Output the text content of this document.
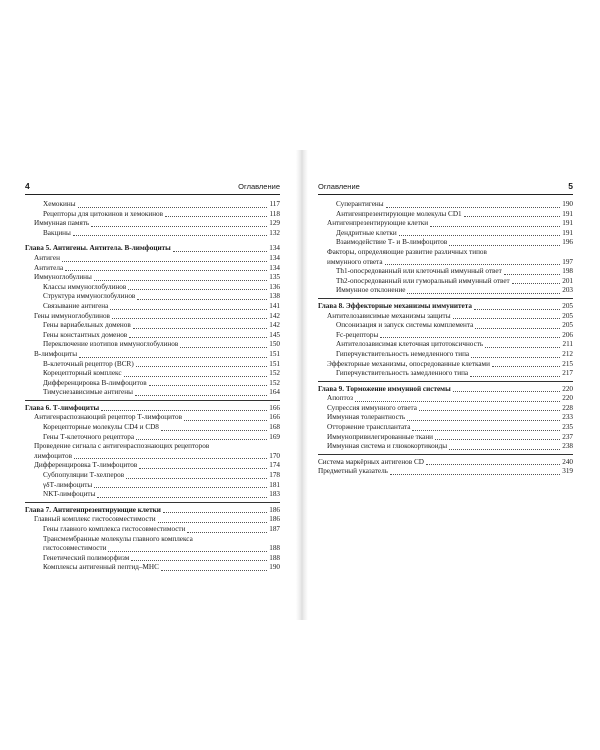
4	Оглавление
Хемокины	117
Рецепторы для цитокинов и хемокинов	118
Иммунная память	129
Вакцины	132
Глава 5. Антигены. Антитела. В-лимфоциты	134
Антиген	134
Антитела	134
Иммуноглобулины	135
Классы иммуноглобулинов	136
Структура иммуноглобулинов	138
Связывание антигена	141
Гены иммуноглобулинов	142
Гены вариабельных доменов	142
Гены константных доменов	145
Переключение изотипов иммуноглобулинов	150
В-лимфоциты	151
В-клеточный рецептор (BCR)	151
Корецепторный комплекс	152
Дифференцировка В-лимфоцитов	152
Тимуснезависимые антигены	164
Глава 6. Т-лимфоциты	166
Антигенраспознающий рецептор Т-лимфоцитов	166
Корецепторные молекулы CD4 и CD8	168
Гены Т-клеточного рецептора	169
Проведение сигнала с антигенраспознающих рецепторов
лимфоцитов	170
Дифференцировка Т-лимфоцитов	174
Субпопуляции Т-хелперов	178
γδТ-лимфоциты	181
NKT-лимфоциты	183
Глава 7. Антигенпрезентирующие клетки	186
Главный комплекс гистосовместимости	186
Гены главного комплекса гистосовместимости	187
Трансмембранные молекулы главного комплекса
гистосовместимости	188
Генетический полиморфизм	188
Комплексы антигенный пептид–MHC	190
Оглавление	5
Суперантигены	190
Антигенпрезентирующие молекулы CD1	191
Антигенпрезентирующие клетки	191
Дендритные клетки	191
Взаимодействие Т- и В-лимфоцитов	196
Факторы, определяющие развитие различных типов
иммунного ответа	197
Th1-опосредованный или клеточный иммунный ответ	198
Th2-опосредованный или гуморальный иммунный ответ	201
Иммунное отклонение	203
Глава 8. Эффекторные механизмы иммунитета	205
Антителозависимые механизмы защиты	205
Опсонизация и запуск системы комплемента	205
Fc-рецепторы	206
Антителозависимая клеточная цитотоксичность	211
Гиперчувствительность немедленного типа	212
Эффекторные механизмы, опосредованные клетками	215
Гиперчувствительность замедленного типа	217
Глава 9. Торможение иммунной системы	220
Апоптоз	220
Супрессия иммунного ответа	228
Иммунная толерантность	233
Отторжение трансплантата	235
Иммунопривилегированные ткани	237
Иммунная система и глюкокортикоиды	238
Система маркёрных антигенов CD	240
Предметный указатель	319
